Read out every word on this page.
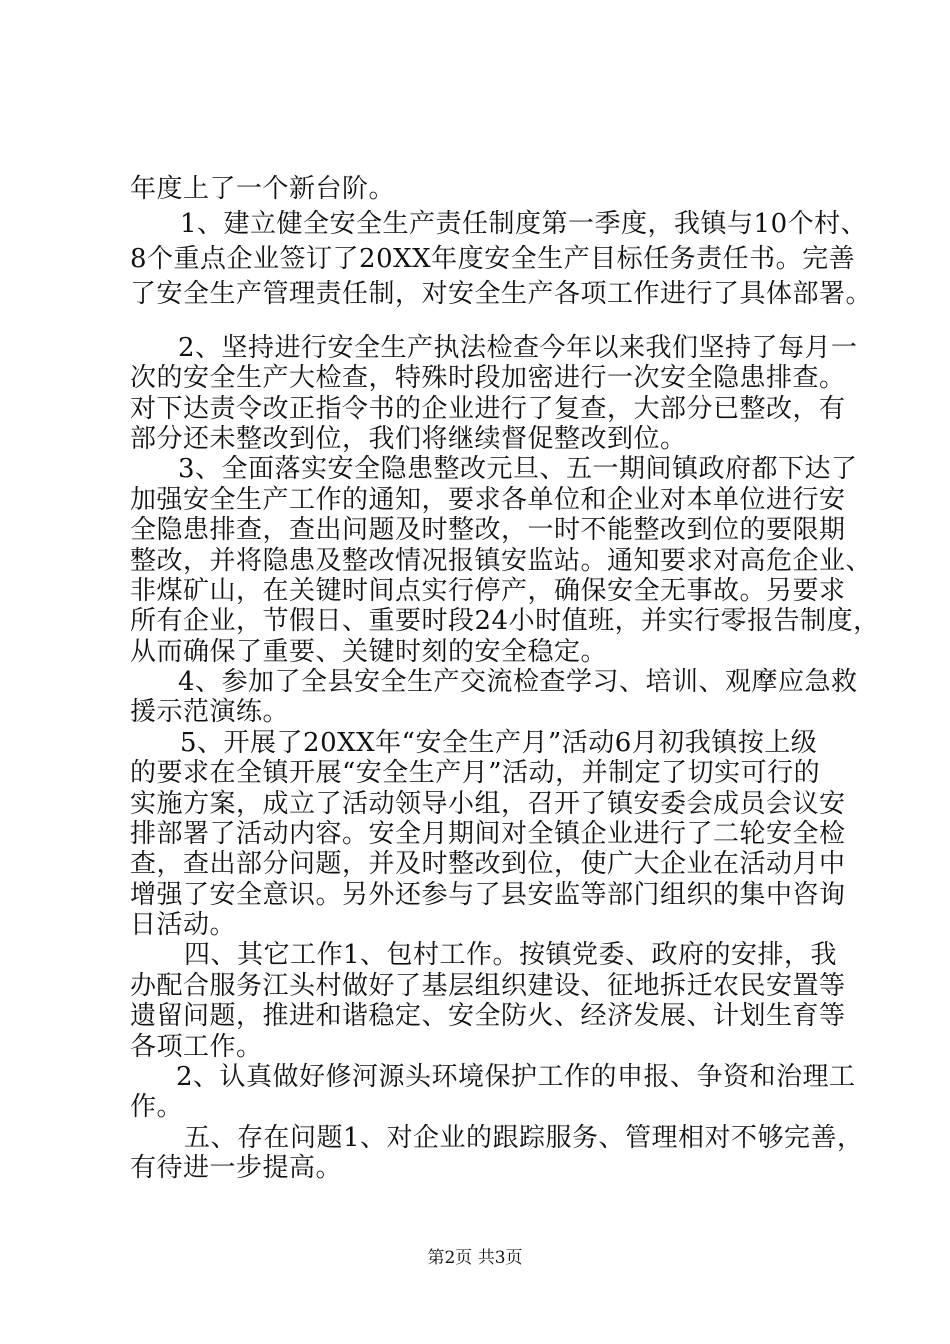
年度上了一个新台阶。
1、建立健全安全生产责任制度第一季度，我镇与10个村、
8个重点企业签订了20XX年度安全生产目标任务责任书。完善
了安全生产管理责任制，对安全生产各项工作进行了具体部署。
2、坚持进行安全生产执法检查今年以来我们坚持了每月一
次的安全生产大检查，特殊时段加密进行一次安全隐患排查。
对下达责令改正指令书的企业进行了复查，大部分已整改，有
部分还未整改到位，我们将继续督促整改到位。
3、全面落实安全隐患整改元旦、五一期间镇政府都下达了
加强安全生产工作的通知，要求各单位和企业对本单位进行安
全隐患排查，查出问题及时整改，一时不能整改到位的要限期
整改，并将隐患及整改情况报镇安监站。通知要求对高危企业、
非煤矿山，在关键时间点实行停产，确保安全无事故。另要求
所有企业，节假日、重要时段24小时值班，并实行零报告制度，
从而确保了重要、关键时刻的安全稳定。
4、参加了全县安全生产交流检查学习、培训、观摩应急救
援示范演练。
5、开展了20XX年“安全生产月”活动6月初我镇按上级
的要求在全镇开展“安全生产月”活动，并制定了切实可行的
实施方案，成立了活动领导小组，召开了镇安委会成员会议安
排部署了活动内容。安全月期间对全镇企业进行了二轮安全检
查，查出部分问题，并及时整改到位，使广大企业在活动月中
增强了安全意识。另外还参与了县安监等部门组织的集中咨询
日活动。
四、其它工作1、包村工作。按镇党委、政府的安排，我
办配合服务江头村做好了基层组织建设、征地拆迁农民安置等
遗留问题，推进和谐稳定、安全防火、经济发展、计划生育等
各项工作。
2、认真做好修河源头环境保护工作的申报、争资和治理工
作。
五、存在问题1、对企业的跟踪服务、管理相对不够完善，
有待进一步提高。
第2页 共3页
